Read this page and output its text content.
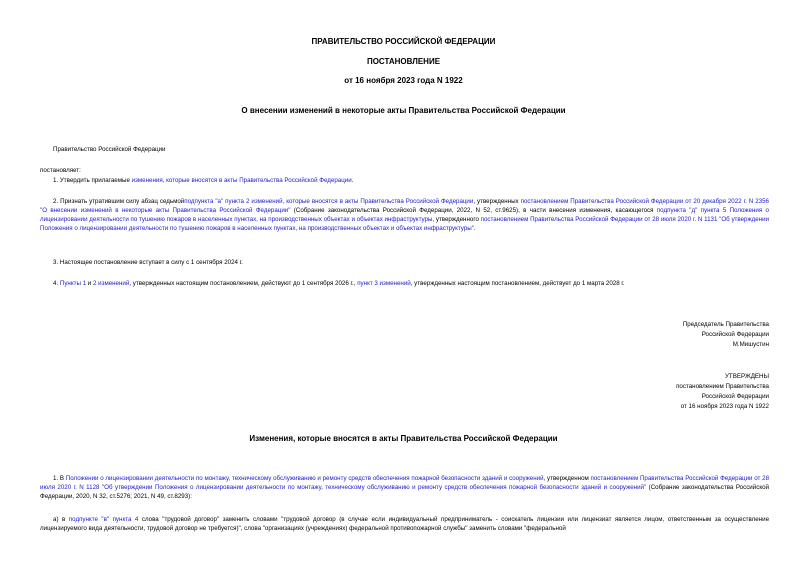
ПРАВИТЕЛЬСТВО РОССИЙСКОЙ ФЕДЕРАЦИИ
ПОСТАНОВЛЕНИЕ
от 16 ноября 2023 года N 1922
О внесении изменений в некоторые акты Правительства Российской Федерации
Правительство Российской Федерации
постановляет:
1. Утвердить прилагаемые изменения, которые вносятся в акты Правительства Российской Федерации.
2. Признать утратившим силу абзац седьмойподпункта "а" пункта 2 изменений, которые вносятся в акты Правительства Российской Федерации, утвержденных постановлением Правительства Российской Федерации от 20 декабря 2022 г. N 2356 "О внесении изменений в некоторые акты Правительства Российской Федерации" (Собрание законодательства Российской Федерации, 2022, N 52, ст.9625), в части внесения изменения, касающегося подпункта "д" пункта 5 Положения о лицензировании деятельности по тушению пожаров в населенных пунктах, на производственных объектах и объектах инфраструктуры, утвержденного постановлением Правительства Российской Федерации от 28 июля 2020 г. N 1131 "Об утверждении Положения о лицензировании деятельности по тушению пожаров в населенных пунктах, на производственных объектах и объектах инфраструктуры".
3. Настоящее постановление вступает в силу с 1 сентября 2024 г.
4. Пункты 1 и 2 изменений, утвержденных настоящим постановлением, действуют до 1 сентября 2026 г., пункт 3 изменений, утвержденных настоящим постановлением, действует до 1 марта 2028 г.
Председатель Правительства
Российской Федерации
М.Мишустин
УТВЕРЖДЕНЫ
постановлением Правительства
Российской Федерации
от 16 ноября 2023 года N 1922
Изменения, которые вносятся в акты Правительства Российской Федерации
1. В Положении о лицензировании деятельности по монтажу, техническому обслуживанию и ремонту средств обеспечения пожарной безопасности зданий и сооружений, утвержденном постановлением Правительства Российской Федерации от 28 июля 2020 г. N 1128 "Об утверждении Положения о лицензировании деятельности по монтажу, техническому обслуживанию и ремонту средств обеспечения пожарной безопасности зданий и сооружений" (Собрание законодательства Российской Федерации, 2020, N 32, ст.5276; 2021, N 49, ст.8293):
а) в подпункте "в" пункта 4 слова "трудовой договор" заменить словами "трудовой договор (в случае если индивидуальный предприниматель - соискатель лицензии или лицензиат является лицом, ответственным за осуществление лицензируемого вида деятельности, трудовой договор не требуется)", слова "организациях (учреждениях) федеральной противопожарной службы" заменить словами "федеральной
